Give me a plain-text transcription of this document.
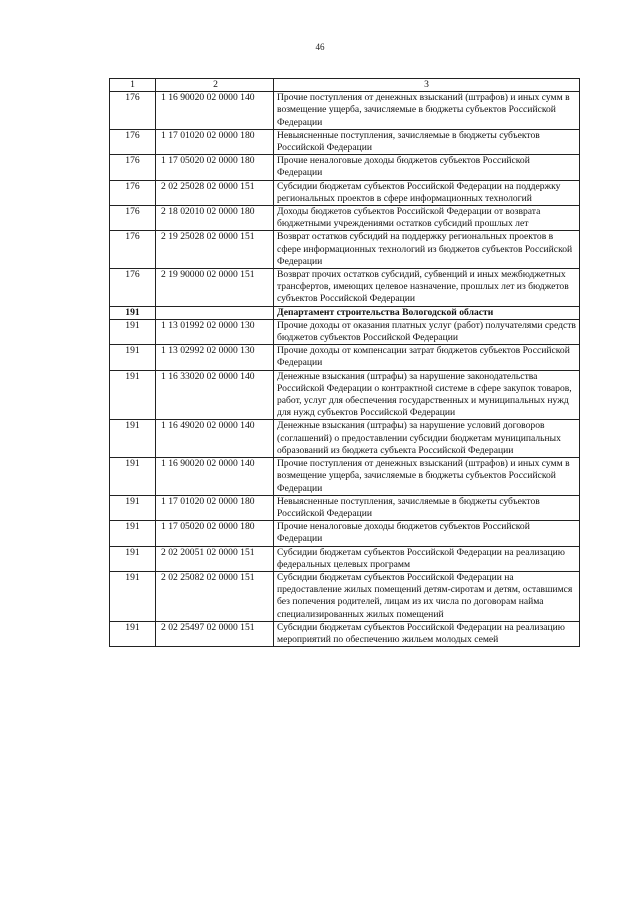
46
1	2	3
176	1 16 90020 02 0000 140	Прочие поступления от денежных взысканий (штрафов) и иных сумм в возмещение ущерба, зачисляемые в бюджеты субъектов Российской Федерации
176	1 17 01020 02 0000 180	Невыясненные поступления, зачисляемые в бюджеты субъектов Российской Федерации
176	1 17 05020 02 0000 180	Прочие неналоговые доходы бюджетов субъектов Российской Федерации
176	2 02 25028 02 0000 151	Субсидии бюджетам субъектов Российской Федерации на поддержку региональных проектов в сфере информационных технологий
176	2 18 02010 02 0000 180	Доходы бюджетов субъектов Российской Федерации от возврата бюджетными учреждениями остатков субсидий прошлых лет
176	2 19 25028 02 0000 151	Возврат остатков субсидий на поддержку региональных проектов в сфере информационных технологий из бюджетов субъектов Российской Федерации
176	2 19 90000 02 0000 151	Возврат прочих остатков субсидий, субвенций и иных межбюджетных трансфертов, имеющих целевое назначение, прошлых лет из бюджетов субъектов Российской Федерации
191		Департамент строительства Вологодской области
191	1 13 01992 02 0000 130	Прочие доходы от оказания платных услуг (работ) получателями средств бюджетов субъектов Российской Федерации
191	1 13 02992 02 0000 130	Прочие доходы от компенсации затрат бюджетов субъектов Российской Федерации
191	1 16 33020 02 0000 140	Денежные взыскания (штрафы) за нарушение законодательства Российской Федерации о контрактной системе в сфере закупок товаров, работ, услуг для обеспечения государственных и муниципальных нужд для нужд субъектов Российской Федерации
191	1 16 49020 02 0000 140	Денежные взыскания (штрафы) за нарушение условий договоров (соглашений) о предоставлении субсидии бюджетам муниципальных образований из бюджета субъекта Российской Федерации
191	1 16 90020 02 0000 140	Прочие поступления от денежных взысканий (штрафов) и иных сумм в возмещение ущерба, зачисляемые в бюджеты субъектов Российской Федерации
191	1 17 01020 02 0000 180	Невыясненные поступления, зачисляемые в бюджеты субъектов Российской Федерации
191	1 17 05020 02 0000 180	Прочие неналоговые доходы бюджетов субъектов Российской Федерации
191	2 02 20051 02 0000 151	Субсидии бюджетам субъектов Российской Федерации на реализацию федеральных целевых программ
191	2 02 25082 02 0000 151	Субсидии бюджетам субъектов Российской Федерации на предоставление жилых помещений детям-сиротам и детям, оставшимся без попечения родителей, лицам из их числа по договорам найма специализированных жилых помещений
191	2 02 25497 02 0000 151	Субсидии бюджетам субъектов Российской Федерации на реализацию мероприятий по обеспечению жильем молодых семей
